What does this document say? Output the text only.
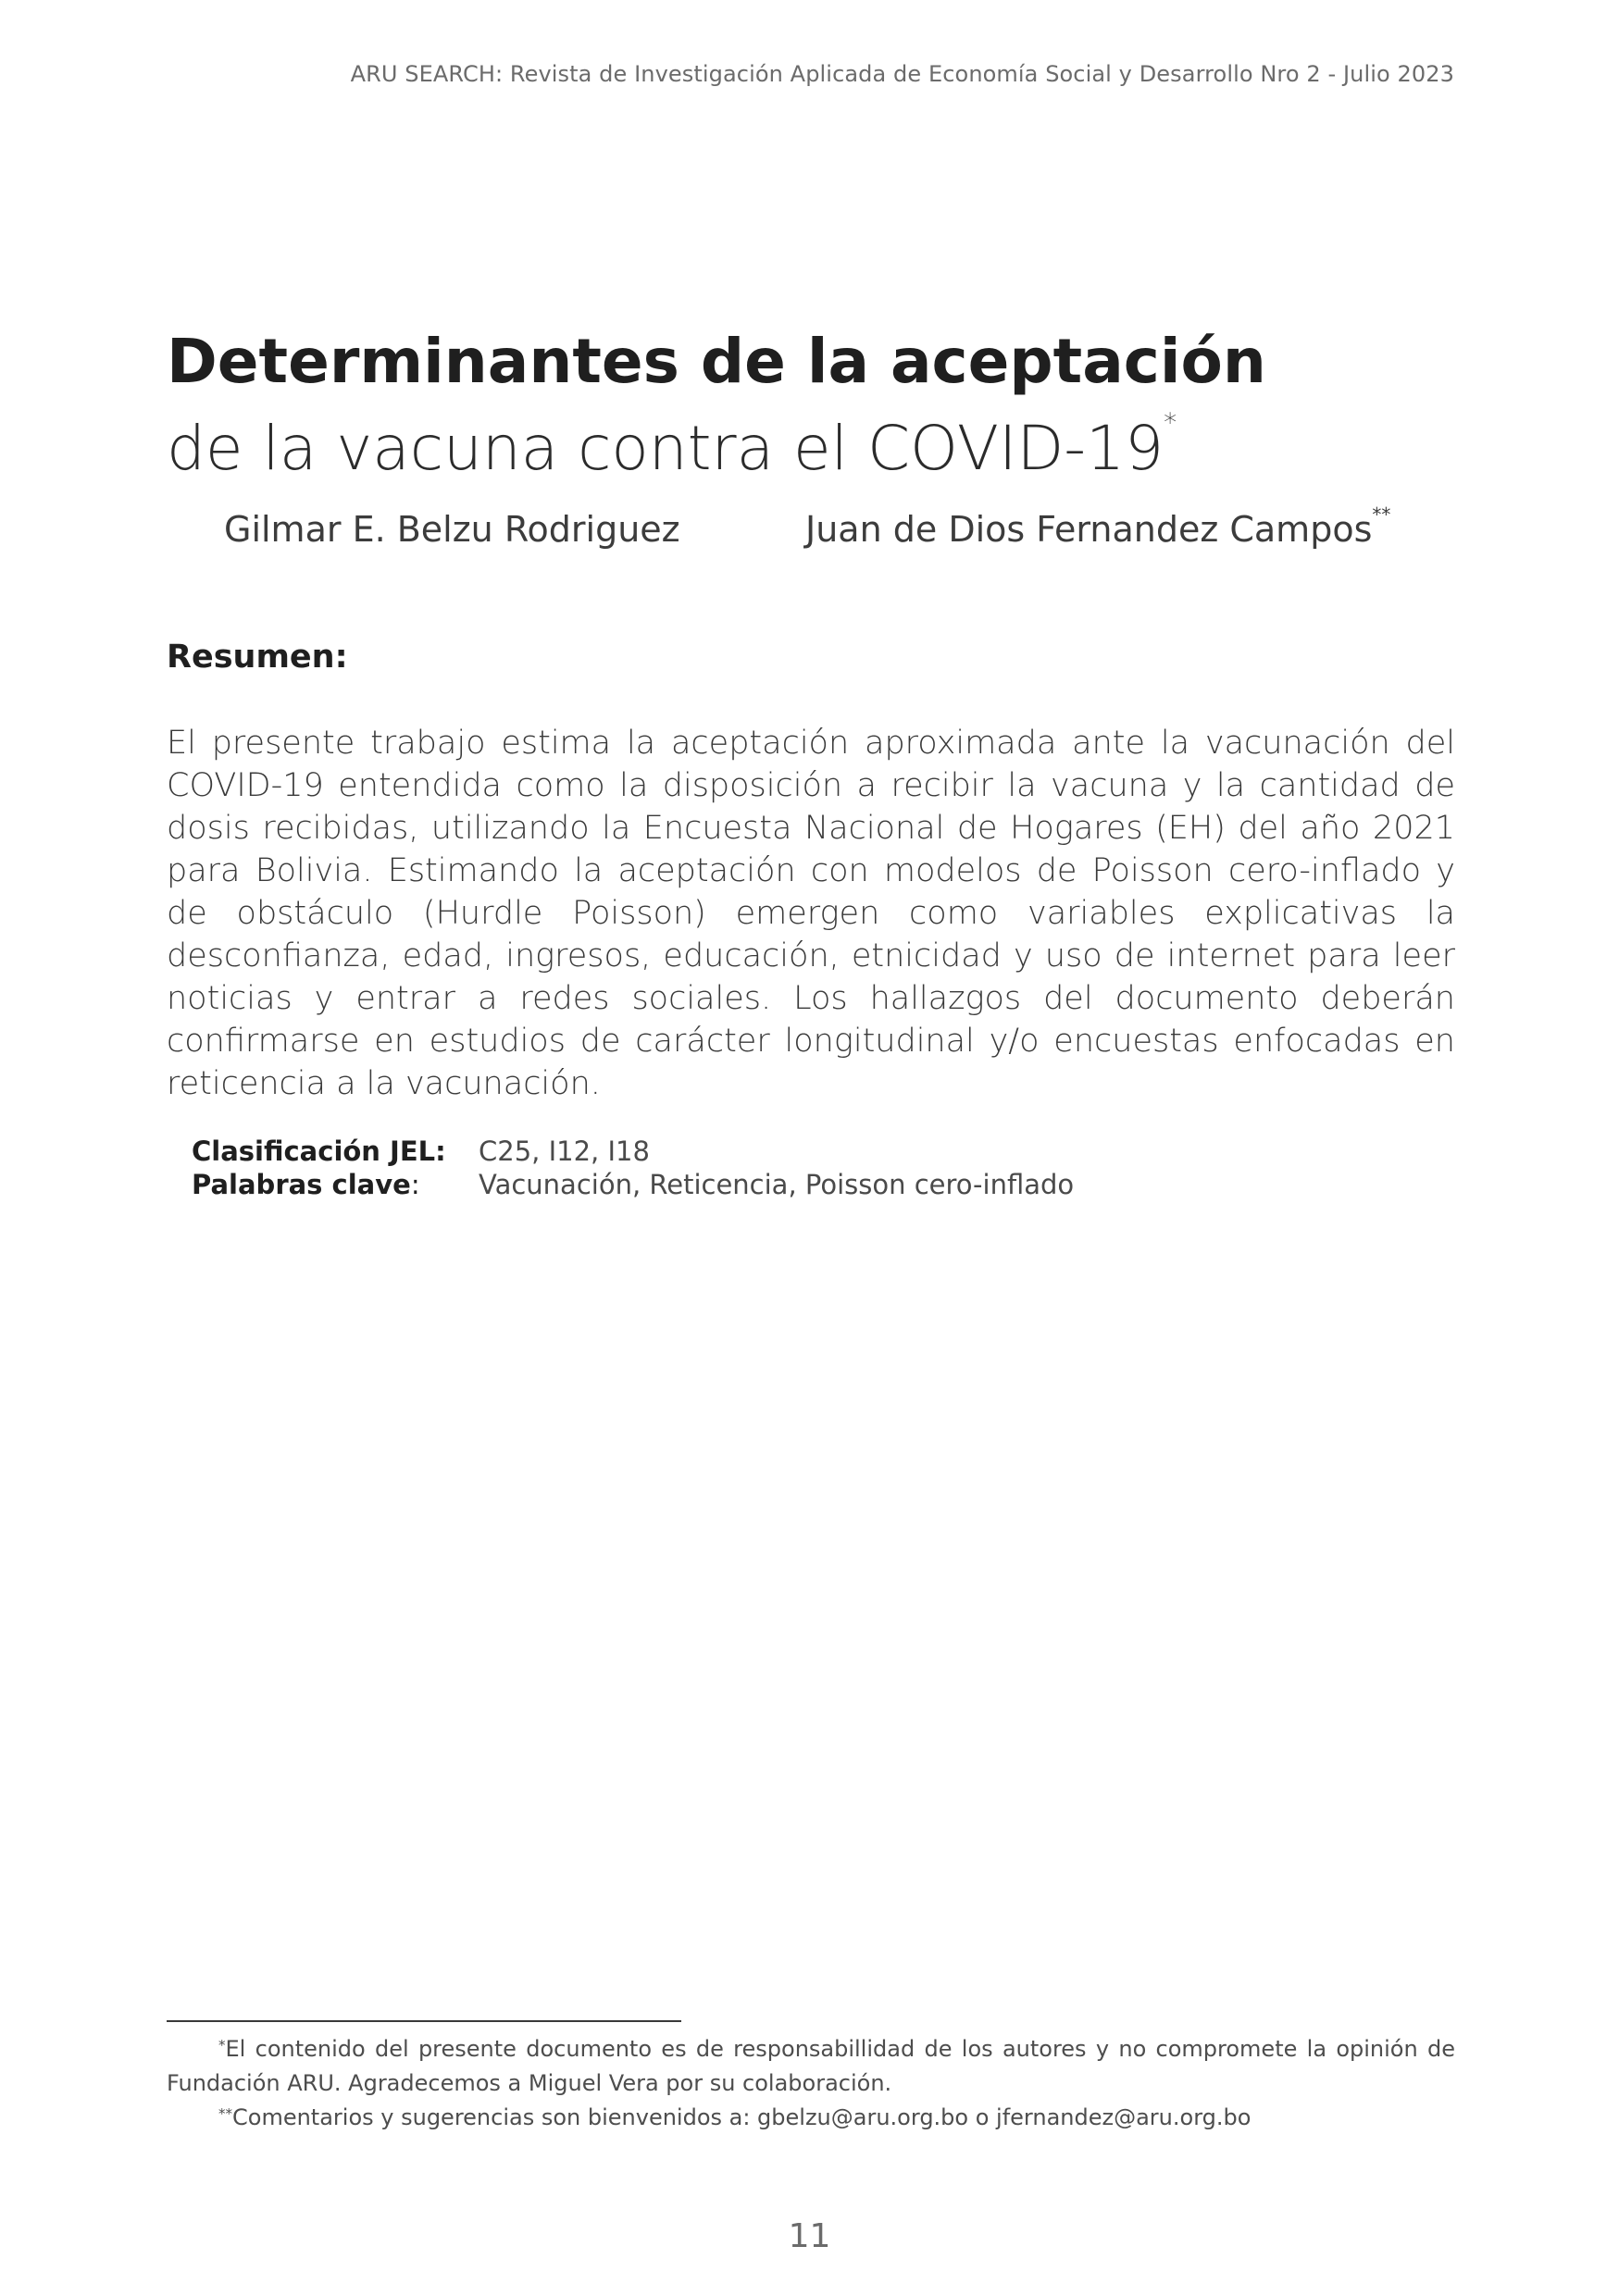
ARU SEARCH: Revista de Investigación Aplicada de Economía Social y Desarrollo Nro 2 - Julio 2023
Determinantes de la aceptación
de la vacuna contra el COVID-19*
Gilmar E. Belzu Rodriguez	Juan de Dios Fernandez Campos**
Resumen:
El presente trabajo estima la aceptación aproximada ante la vacunación del COVID-19 entendida como la disposición a recibir la vacuna y la cantidad de dosis recibidas, utilizando la Encuesta Nacional de Hogares (EH) del año 2021 para Bolivia. Estimando la aceptación con modelos de Poisson cero-inflado y de obstáculo (Hurdle Poisson) emergen como variables explicativas la desconfianza, edad, ingresos, educación, etnicidad y uso de internet para leer noticias y entrar a redes sociales. Los hallazgos del documento deberán confirmarse en estudios de carácter longitudinal y/o encuestas enfocadas en reticencia a la vacunación.
Clasificación JEL:	C25, I12, I18
Palabras clave:	Vacunación, Reticencia, Poisson cero-inflado
*El contenido del presente documento es de responsabillidad de los autores y no compromete la opinión de Fundación ARU. Agradecemos a Miguel Vera por su colaboración.
**Comentarios y sugerencias son bienvenidos a: gbelzu@aru.org.bo o jfernandez@aru.org.bo
11
